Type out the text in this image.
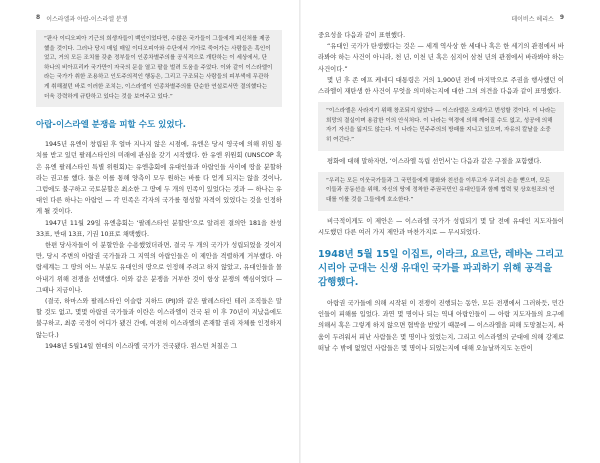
8 이스라엘과 아랍-이스라엘 분쟁

“판사 이디오피아 기근의 희생자들이 백인이었다면, 수많은 국가들이 그들에게 피신처를 제공했을 것이다. 그러나 당시 매일 매일 이디오피아와 수단에서 기아로 죽어가는 사람들은 흑인이었고, 거의 모든 조치를 갖춘 정부들이 인종차별주의를 공식적으로 개탄하는 이 세상에서, 단 하나의 비아프리카 국가만이 자국의 문을 열고 팔을 벌려 도움을 주었다. 이와 같이 이스라엘이라는 국가가 취한 조용하고 인도주의적인 행동은, 그리고 구조되는 사람들의 피부색에 무관하게 취해졌던 바로 이러한 조치는, 이스라엘이 인종차별주의를 단순한 연설로서만 결의했다는 더욱 강력하게 규탄하고 있다는 것을 보여주고 있다.”

아랍-이스라엘 분쟁을 피할 수도 있었다.

1945년 유엔이 창립된 후 얼마 지나지 않은 시점에, 유엔은 당시 영국에 의해 위임 통치를 받고 있던 팔레스타인의 미래에 관심을 갖기 시작했다. 한 유엔 위원회 (UNSCOP 혹은 유엔 팔레스타인 특별 위원회)는 유엔총회에 유대인들과 아랍인들 사이에 땅을 분할하라는 권고를 했다. 둘은 이를 통해 양측이 모두 원하는 바를 다 얻게 되지는 않을 것이나, 그럼에도 불구하고 국토분할은 최소한 그 땅에 두 개의 민족이 있었다는 것과 — 하나는 유대인 다른 하나는 아랍인 — 각 민족은 각자의 국가를 형성할 자격이 있었다는 것을 인정하게 될 것이다.

1947년 11월 29일 유엔총회는 ‘팔레스타인 분할안’으로 알려진 결의안 181을 찬성 33표, 반대 13표, 기권 10표로 채택했다.

한편 당사자들이 이 분할안을 수용했었더라면, 결국 두 개의 국가가 성립되었을 것이지만, 당시 주변의 아랍권 국가들과 그 지역의 아랍인들은 이 제안을 격렬하게 거부했다. 아랍세계는 그 땅의 어느 부분도 유대인의 땅으로 인정해 주려고 하지 않았고, 유대인들을 몰아내기 위해 전쟁을 선택했다. 이와 같은 분쟁을 거부한 것이 항상 분쟁의 핵심이었다 — 그때나 지금이나.

(결국, 하마스와 팔레스타인 이슬람 지하드 (PIJ)와 같은 팔레스타인 테러 조직들은 말할 것도 없고, 몇몇 아랍권 국가들과 이란은 이스라엘이 건국 된 이 후 70년이 지났음에도 불구하고, 최종 국경이 어디가 됐건 간에, 여전히 이스라엘의 존재할 권리 자체를 인정하지 않는다.)

1948년 5월14일 현대의 이스라엘 국가가 건국됐다. 윈스턴 처칠은 그

데이비스 헤리스 9

중요성을 다음과 같이 표현했다.

“유대인 국가가 탄생했다는 것은 — 세계 역사상 한 세대나 혹은 한 세기의 관점에서 바라봐야 하는 사건이 아니라, 천 년, 이천 년 혹은 심지어 삼천 년의 관점에서 바라봐야 하는 사건이다.”

몇 년 후 존 에프 케네디 대통령은 거의 1,900년 전에 마지막으로 주권을 행사했던 이스라엘이 재탄생 한 사건이 무엇을 의미하는지에 대한 그의 의견을 다음과 같이 표명했다.

“이스라엘은 사라지기 위해 창조되지 않았다 — 이스라엘은 오래가고 번성할 것이다. 이 나라는 희망의 결실이며 용감한 이의 안식처다. 이 나라는 역경에 의해 깨어질 수도 없고, 성공에 의해 자기 자신을 잃지도 않는다. 이 나라는 민주주의의 방패를 지니고 있으며, 자유의 칼날을 소중히 여긴다.”

평화에 대해 말하자면, ‘이스라엘 독립 선언서’는 다음과 같은 구절을 포함했다.

“우리는 모든 이웃국가들과 그 국민들에게 평화와 친선을 이루고자 우리의 손을 뻗으며, 모든 이들과 공동선을 위해, 자신의 땅에 정착한 주권국민인 유대인들과 함께 협력 및 상호원조의 연대를 이룰 것을 그들에게 호소한다.”

비극적이게도 이 제안은 — 이스라엘 국가가 성립되기 몇 달 전에 유대인 지도자들이 시도했던 다른 여러 가지 제안과 마찬가지로 — 무시되었다.

1948년 5월 15일 이집트, 이라크, 요르단, 레바논 그리고 시리아 군대는 신생 유대인 국가를 파괴하기 위해 공격을 감행했다.

아랍권 국가들에 의해 시작된 이 전쟁이 진행되는 동안, 모든 전쟁에서 그러하듯, 민간인들이 피해를 입었다. 과연 몇 명이나 되는 역내 아랍인들이 — 아랍 지도자들의 요구에 의해서 혹은 그렇게 하지 않으면 협박을 받았기 때문에 — 이스라엘을 피해 도망쳤는지, 싸움이 두려워서 피난 사람들은 몇 명이나 있었는지, 그리고 이스라엘의 군대에 의해 강제로 떠날 수 밖에 없었던 사람들은 몇 명이나 되었는지에 대해 오늘날까지도 논란이
